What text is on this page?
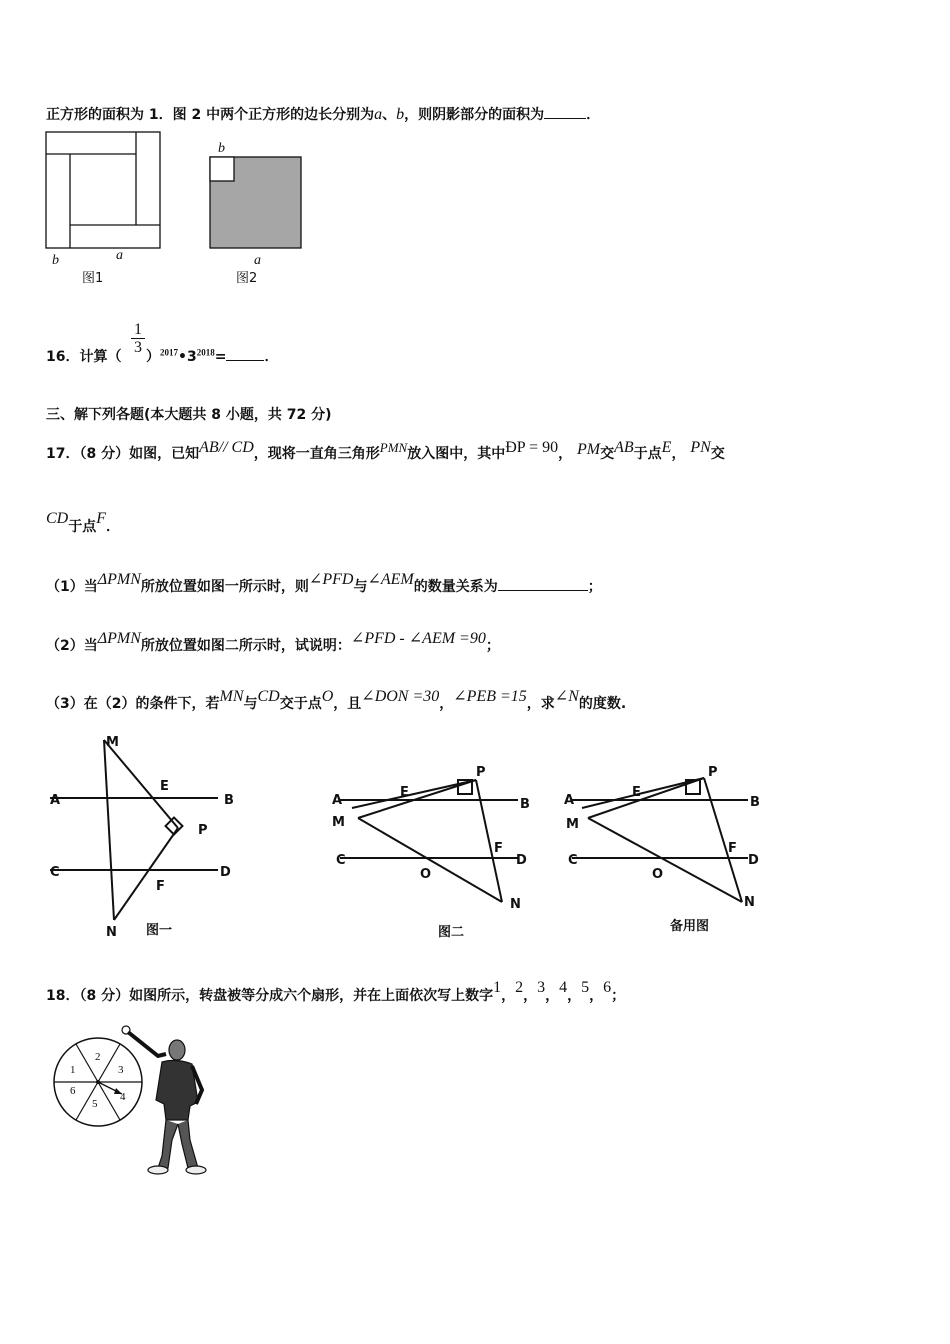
正方形的面积为 1．图 2 中两个正方形的边长分别为a、b，则阴影部分的面积为	．
b	a
图1
b
a
图2
16．计算（
$\frac{1}{3}$
）$^{2017}•3^{2018}=$	．
三、解下列各题(本大题共 8 小题，共 72 分)
17．（8 分）如图，已知AB// CD，现将一直角三角形PMN放入图中，其中ÐP = 90， PM交AB于点E， PN交
CD于点F．
（1）当ΔPMN所放位置如图一所示时，则∠PFD与∠AEM的数量关系为	；
（2）当ΔPMN所放位置如图二所示时，试说明：∠PFD - ∠AEM =90；
（3）在（2）的条件下，若MN与CD交于点O，且∠DON =30，∠PEB =15，求∠N的度数.
M
E
P
A	B
C	D
F
N 图一
P
A
E
B
M
C
F
D
O
N
图二
P
A
E
B
M
C
F
D
O
N
备用图
18．（8 分）如图所示，转盘被等分成六个扇形，并在上面依次写上数字1，2，3，4，5，6；
1
2
3
4
5
6
